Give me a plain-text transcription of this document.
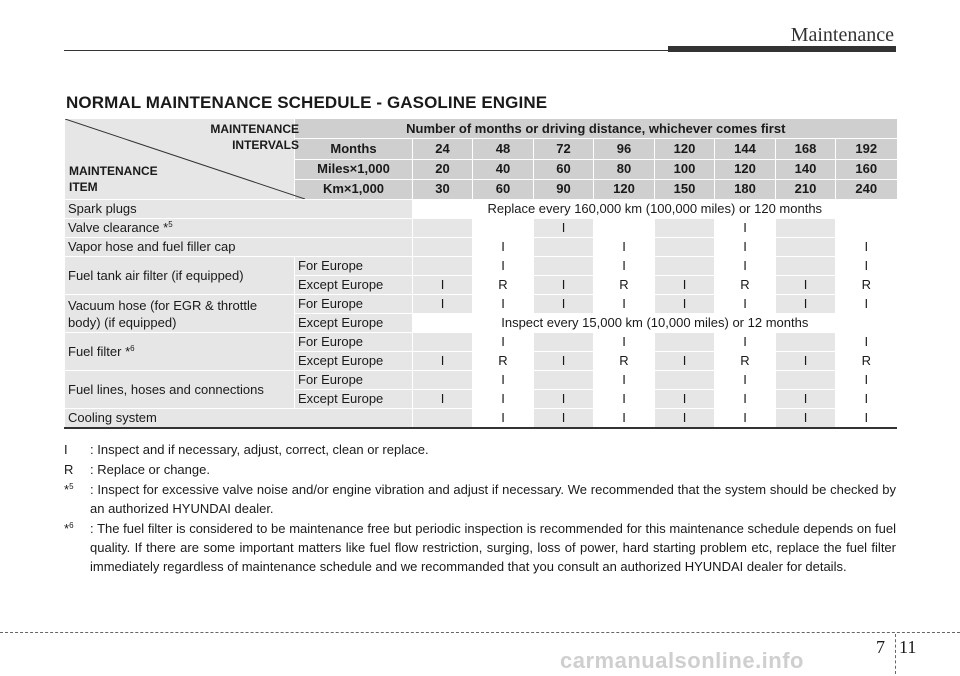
Maintenance
NORMAL MAINTENANCE SCHEDULE - GASOLINE ENGINE
MAINTENANCE
INTERVALS
MAINTENANCE
ITEM	Number of months or driving distance, whichever comes first								
	Months	24	48	72	96	120	144	168	192
	Miles×1,000	20	40	60	80	100	120	140	160
	Km×1,000	30	60	90	120	150	180	210	240
Spark plugs		Replace every 160,000 km (100,000 miles) or 120 months							
Valve clearance *$^5$				I			I		
Vapor hose and fuel filler cap			I		I		I		I
Fuel tank air filter (if equipped)	For Europe		I		I		I		I
	Except Europe	I	R	I	R	I	R	I	R

Vacuum hose (for EGR & throttle
body) (if equipped)	For Europe	I	I	I	I	I	I	I	I
	Except Europe	Inspect every 15,000 km (10,000 miles) or 12 months							
Fuel filter *$^6$	For Europe		I		I		I		I
	Except Europe	I	R	I	R	I	R	I	R
Fuel lines, hoses and connections	For Europe		I		I		I		I
	Except Europe	I	I	I	I	I	I	I	I
Cooling system			I	I	I	I	I	I	I
I	: Inspect and if necessary, adjust, correct, clean or replace.
R	: Replace or change.
*$^5$	: Inspect for excessive valve noise and/or engine vibration and adjust if necessary. We recommended that the system should be checked by an authorized HYUNDAI dealer.
*$^6$	: The fuel filter is considered to be maintenance free but periodic inspection is recommended for this maintenance schedule depends on fuel quality. If there are some important matters like fuel flow restriction, surging, loss of power, hard starting problem etc, replace the fuel filter immediately regardless of maintenance schedule and we recommanded that you consult an authorized HYUNDAI dealer for details.
7 11
carmanualsonline.info
